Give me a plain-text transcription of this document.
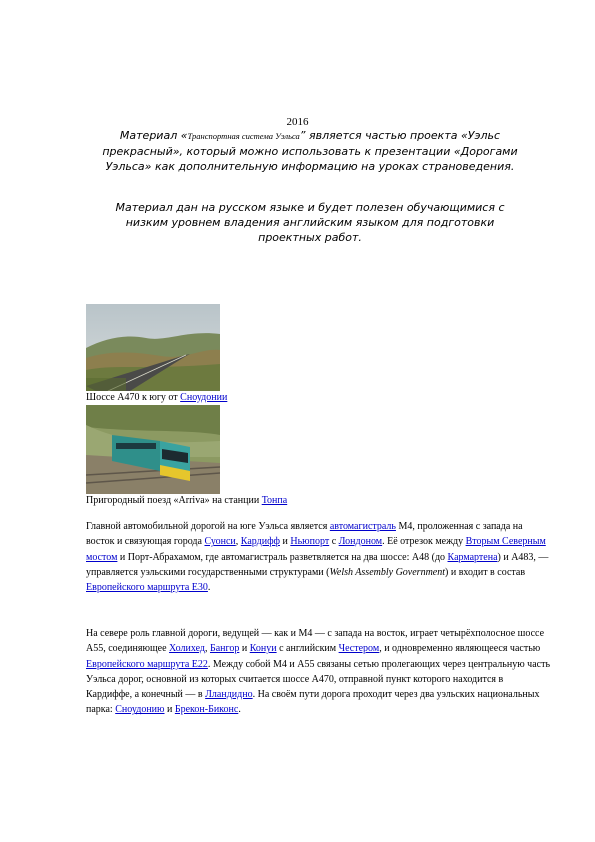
2016
Материал «Транспортная система Уэльса” является частью проекта «Уэльс прекрасный», который можно использовать к презентации «Дорогами Уэльса» как дополнительную информацию на уроках страноведения.
Материал дан на русском языке и будет полезен обучающимися с низким уровнем владения английским языком для подготовки проектных работ.
Шоссе А470 к югу от Сноудонии
Пригородный поезд «Arriva» на станции Тонпа
Главной автомобильной дорогой на юге Уэльса является автомагистраль М4, проложенная с запада на восток и связующая города Суонси, Кардифф и Ньюпорт с Лондоном. Её отрезок между Вторым Северным мостом и Порт-Абрахамом, где автомагистраль разветвляется на два шоссе: А48 (до Кармартена) и А483, — управляется уэльскими государственными структурами (Welsh Assembly Government) и входит в состав Европейского маршрута Е30.
На севере роль главной дороги, ведущей — как и М4 — с запада на восток, играет четырёхполосное шоссе А55, соединяющее Холихед, Бангор и Конуи с английским Честером, и одновременно являющееся частью Европейского маршрута Е22. Между собой М4 и А55 связаны сетью пролегающих через центральную часть Уэльса дорог, основной из которых считается шоссе А470, отправной пункт которого находится в Кардиффе, а конечный — в Лландидно. На своём пути дорога проходит через два уэльских национальных парка: Сноудонию и Брекон-Биконс.
